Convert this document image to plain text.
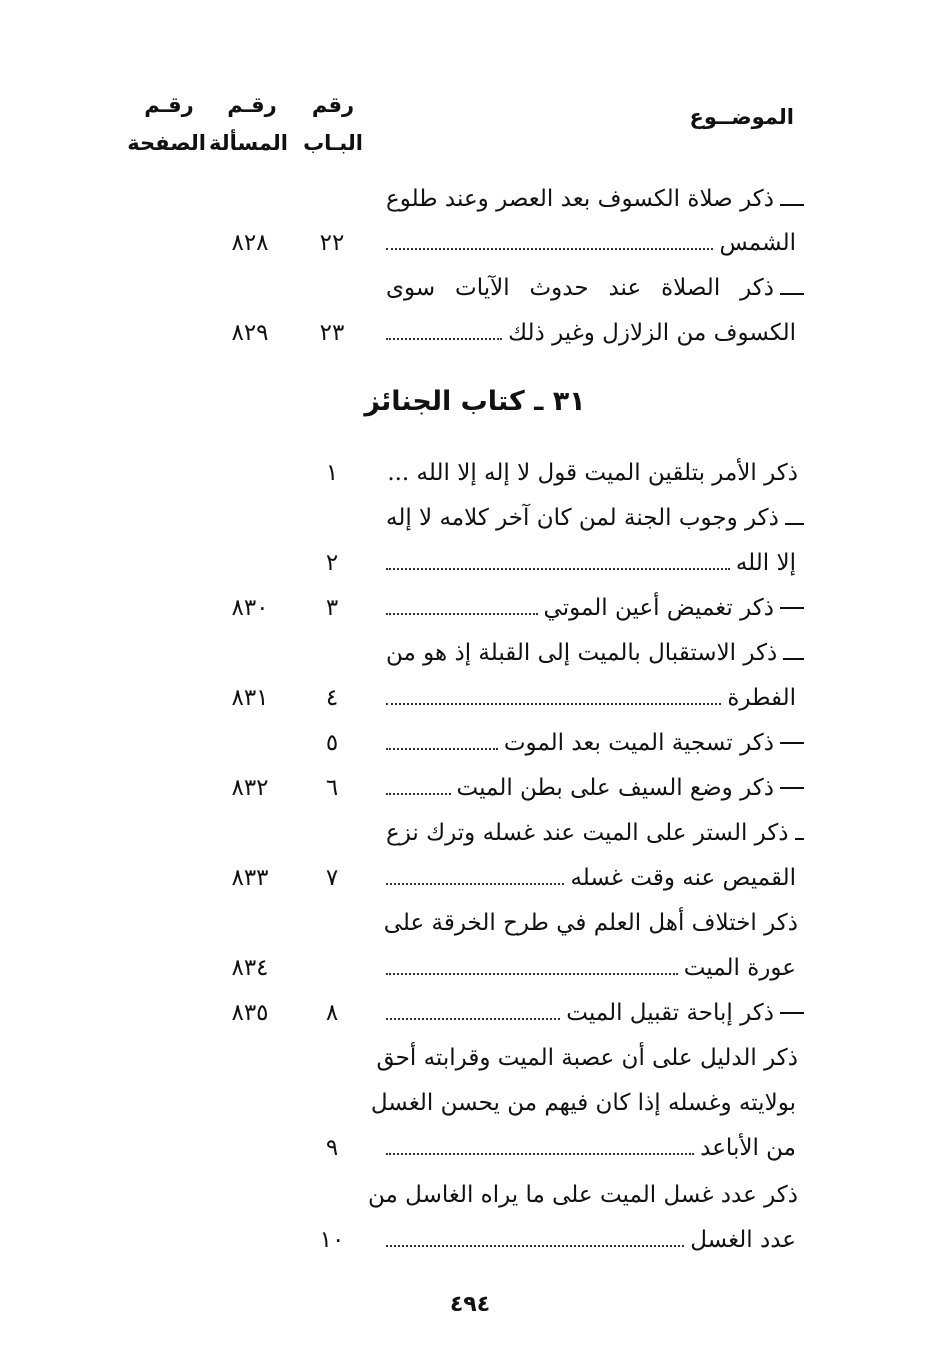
الموضــوع
رقم
البـاب
رقـم
المسألة
رقـم
الصفحة
ذكر صلاة الكسوف بعد العصر وعند طلوع
الشمس
٢٢
٨٢٨
ذكر الصلاة عند حدوث الآيات سوى
الكسوف من الزلازل وغير ذلك
٢٣
٨٢٩
٣١ ـ كتاب الجنائز
ذكر الأمر بتلقين الميت قول لا إله إلا الله ...
١
ذكر وجوب الجنة لمن كان آخر كلامه لا إله
إلا الله
٢
ذكر تغميض أعين الموتي
٣
٨٣٠
ذكر الاستقبال بالميت إلى القبلة إذ هو من
الفطرة
٤
٨٣١
ذكر تسجية الميت بعد الموت
٥
ذكر وضع السيف على بطن الميت
٦
٨٣٢
ذكر الستر على الميت عند غسله وترك نزع
القميص عنه وقت غسله
٧
٨٣٣
ذكر اختلاف أهل العلم في طرح الخرقة على
عورة الميت
٨٣٤
ذكر إباحة تقبيل الميت
٨
٨٣٥
ذكر الدليل على أن عصبة الميت وقرابته أحق
بولايته وغسله إذا كان فيهم من يحسن الغسل
من الأباعد
٩
ذكر عدد غسل الميت على ما يراه الغاسل من
عدد الغسل
١٠
٤٩٤
